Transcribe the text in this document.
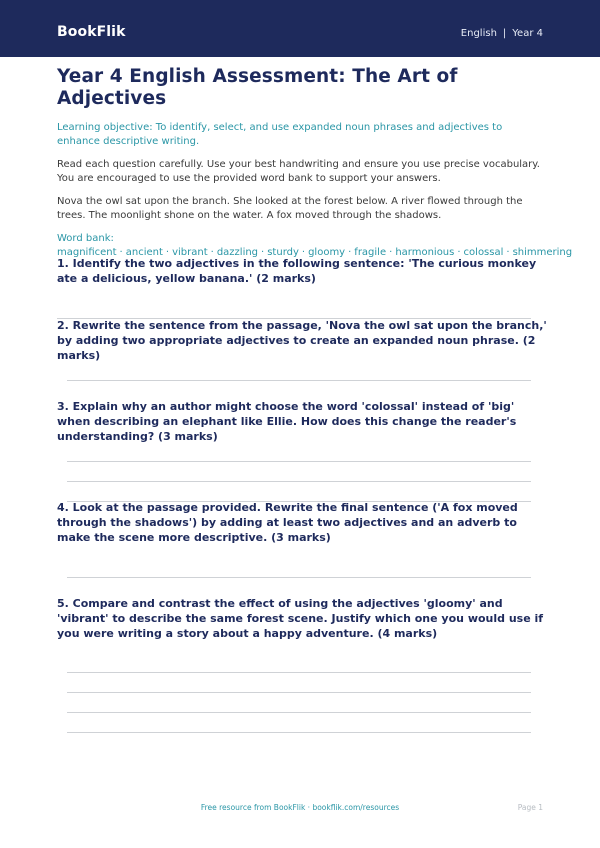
BookFlik	English | Year 4
Year 4 English Assessment: The Art of Adjectives

Learning objective: To identify, select, and use expanded noun phrases and adjectives to enhance descriptive writing.

Read each question carefully. Use your best handwriting and ensure you use precise vocabulary. You are encouraged to use the provided word bank to support your answers.

Nova the owl sat upon the branch. She looked at the forest below. A river flowed through the trees. The moonlight shone on the water. A fox moved through the shadows.

Word bank: magnificent · ancient · vibrant · dazzling · sturdy · gloomy · fragile · harmonious · colossal · shimmering

1. Identify the two adjectives in the following sentence: 'The curious monkey ate a delicious, yellow banana.' (2 marks)
2. Rewrite the sentence from the passage, 'Nova the owl sat upon the branch,' by adding two appropriate adjectives to create an expanded noun phrase. (2 marks)
3. Explain why an author might choose the word 'colossal' instead of 'big' when describing an elephant like Ellie. How does this change the reader's understanding? (3 marks)
4. Look at the passage provided. Rewrite the final sentence ('A fox moved through the shadows') by adding at least two adjectives and an adverb to make the scene more descriptive. (3 marks)
5. Compare and contrast the effect of using the adjectives 'gloomy' and 'vibrant' to describe the same forest scene. Justify which one you would use if you were writing a story about a happy adventure. (4 marks)
Free resource from BookFlik · bookflik.com/resources	Page 1
